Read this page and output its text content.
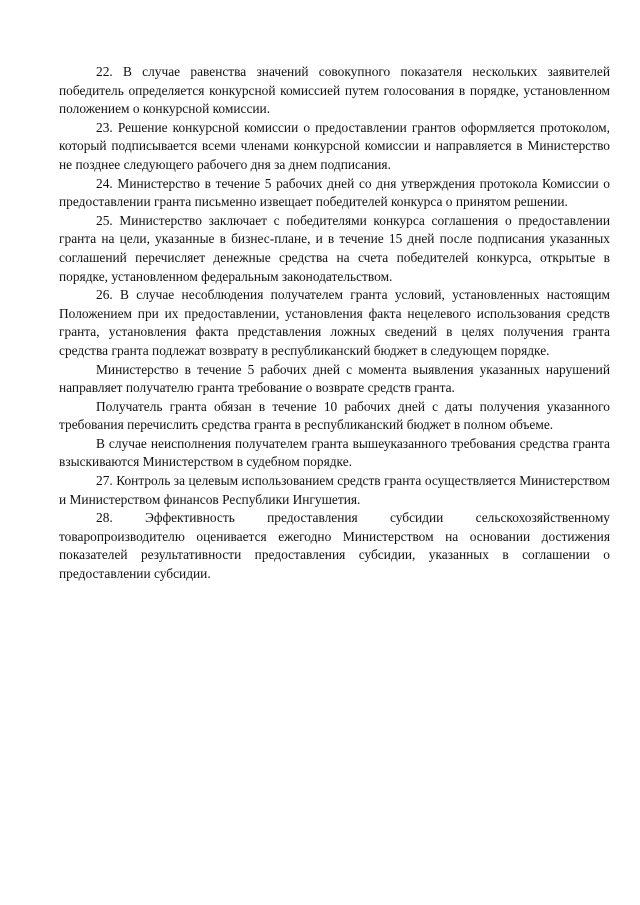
22. В случае равенства значений совокупного показателя нескольких заявителей победитель определяется конкурсной комиссией путем голосования в порядке, установленном положением о конкурсной комиссии.

23. Решение конкурсной комиссии о предоставлении грантов оформляется протоколом, который подписывается всеми членами конкурсной комиссии и направляется в Министерство не позднее следующего рабочего дня за днем подписания.

24. Министерство в течение 5 рабочих дней со дня утверждения протокола Комиссии о предоставлении гранта письменно извещает победителей конкурса о принятом решении.

25. Министерство заключает с победителями конкурса соглашения о предоставлении гранта на цели, указанные в бизнес-плане, и в течение 15 дней после подписания указанных соглашений перечисляет денежные средства на счета победителей конкурса, открытые в порядке, установленном федеральным законодательством.

26. В случае несоблюдения получателем гранта условий, установленных настоящим Положением при их предоставлении, установления факта нецелевого использования средств гранта, установления факта представления ложных сведений в целях получения гранта средства гранта подлежат возврату в республиканский бюджет в следующем порядке.

Министерство в течение 5 рабочих дней с момента выявления указанных нарушений направляет получателю гранта требование о возврате средств гранта.

Получатель гранта обязан в течение 10 рабочих дней с даты получения указанного требования перечислить средства гранта в республиканский бюджет в полном объеме.

В случае неисполнения получателем гранта вышеуказанного требования средства гранта взыскиваются Министерством в судебном порядке.

27. Контроль за целевым использованием средств гранта осуществляется Министерством и Министерством финансов Республики Ингушетия.

28. Эффективность предоставления субсидии сельскохозяйственному товаропроизводителю оценивается ежегодно Министерством на основании достижения показателей результативности предоставления субсидии, указанных в соглашении о предоставлении субсидии.
